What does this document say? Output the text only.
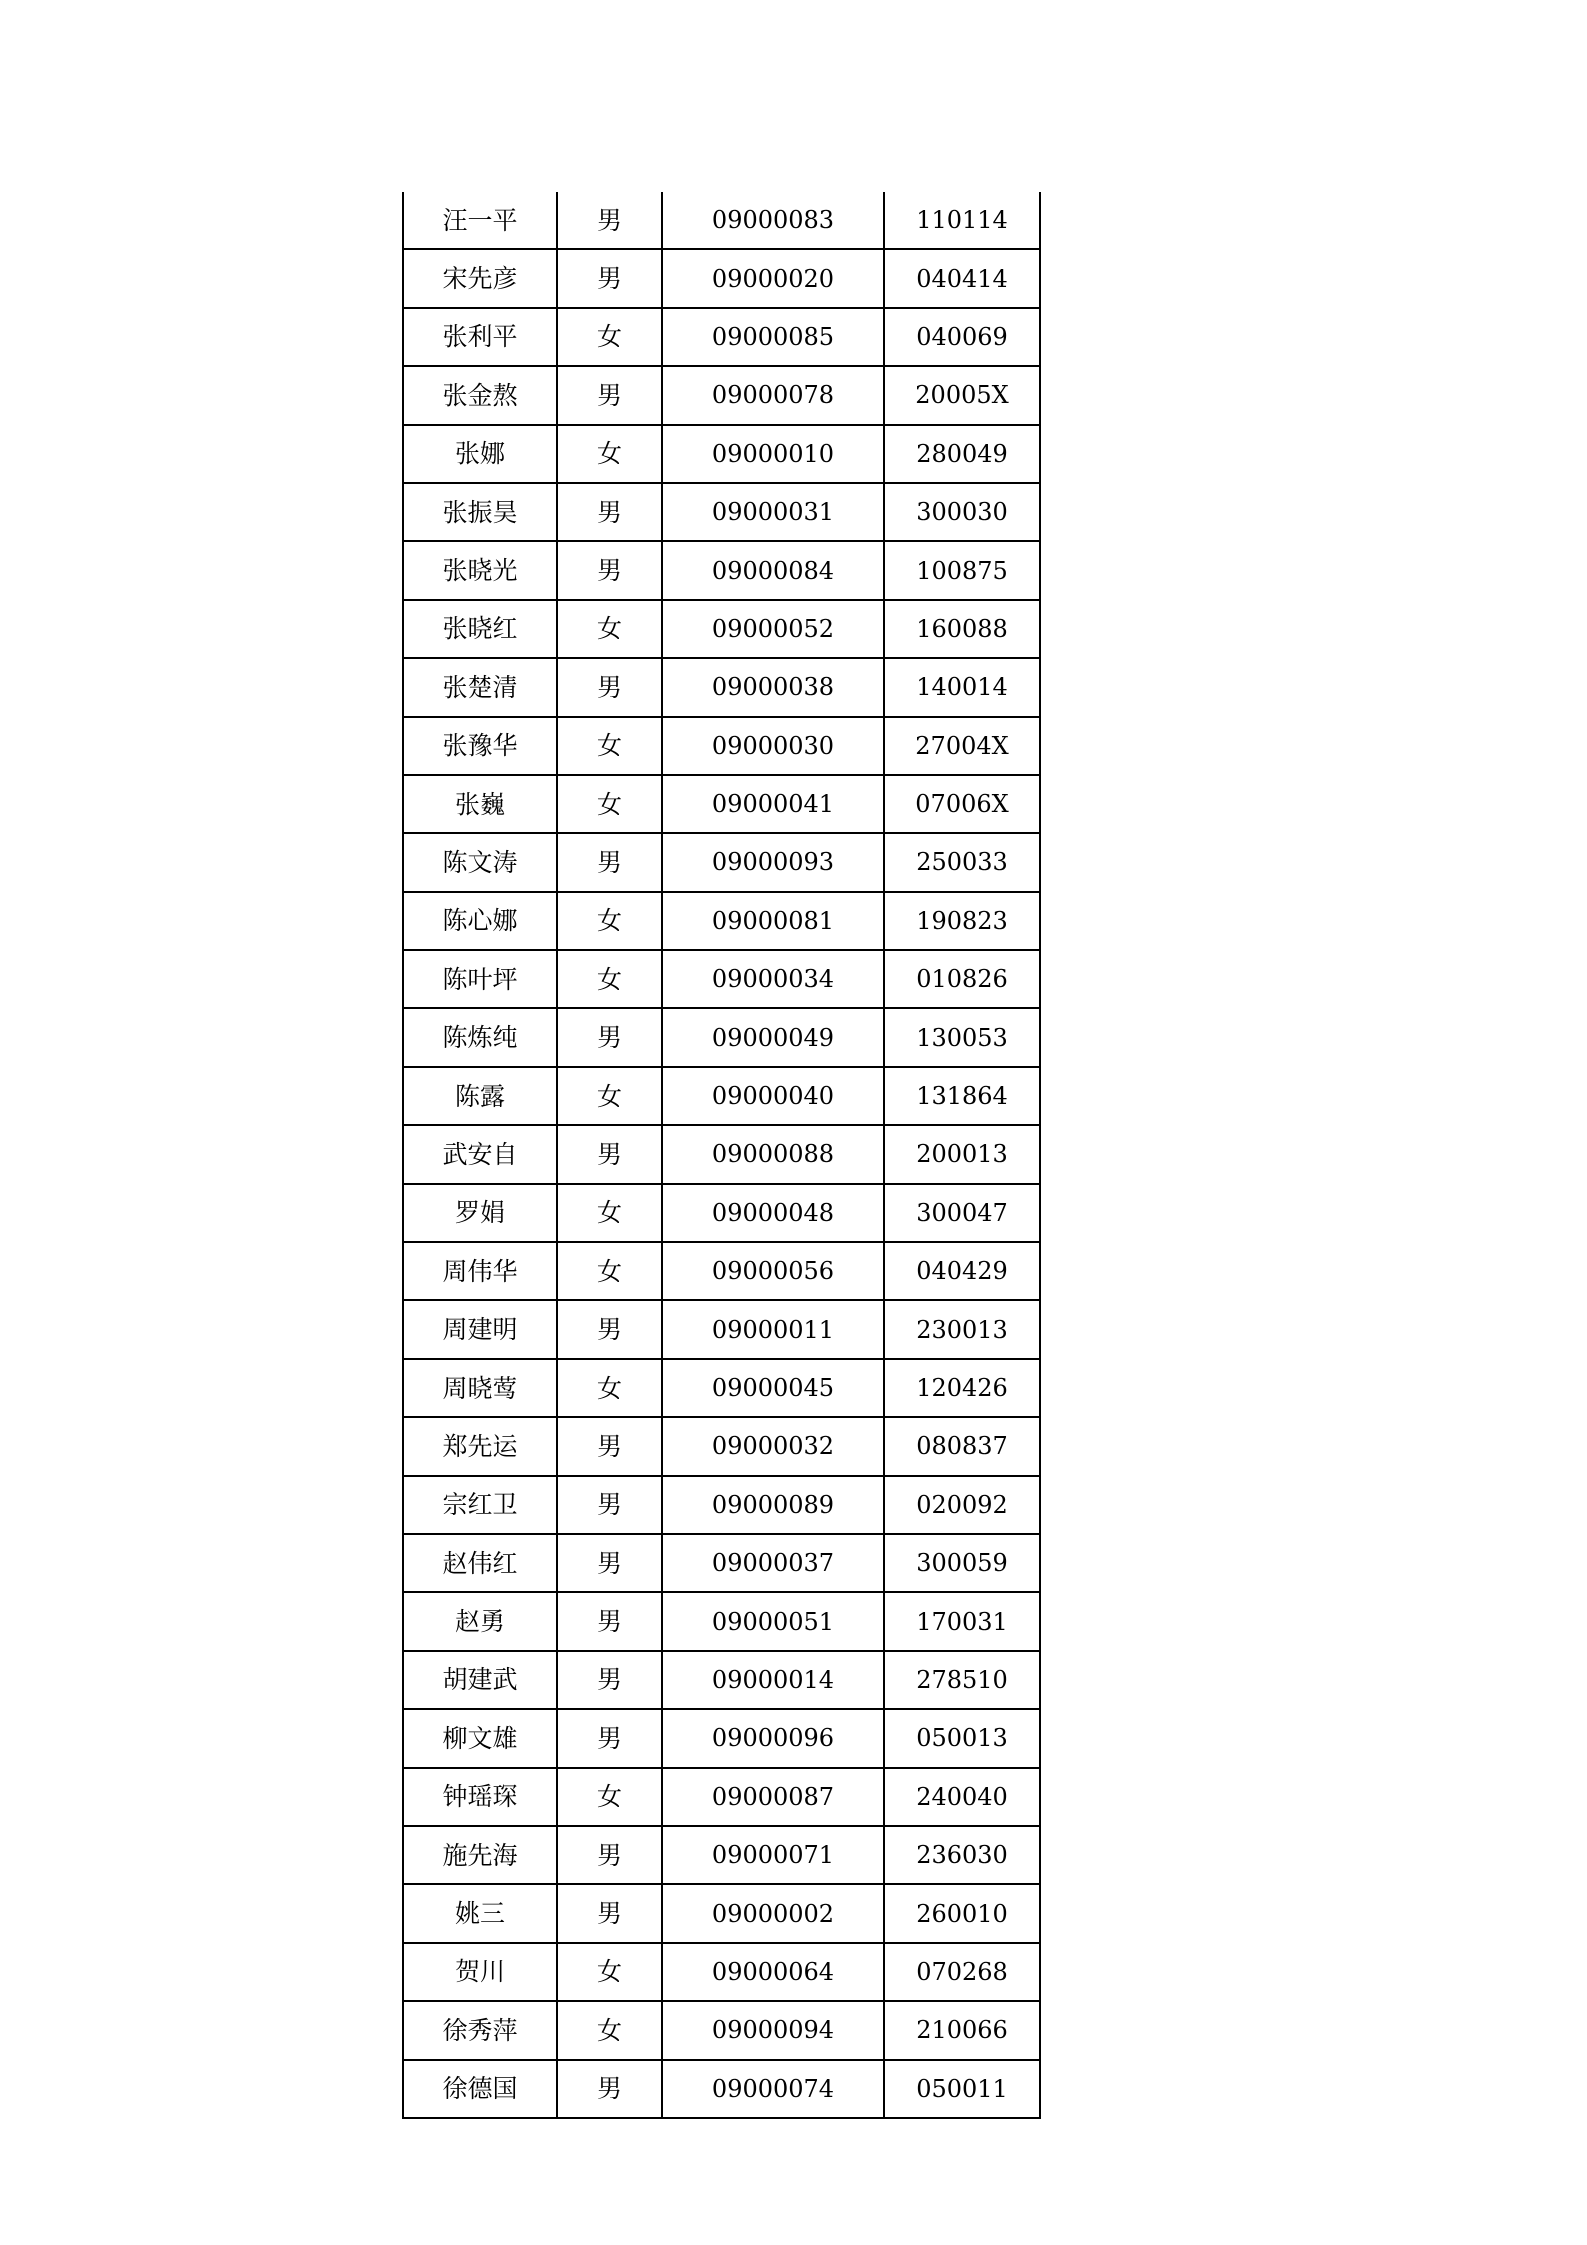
汪一平	男	09000083	110114
宋先彦	男	09000020	040414
张利平	女	09000085	040069
张金熬	男	09000078	20005X
张娜	女	09000010	280049
张振昊	男	09000031	300030
张晓光	男	09000084	100875
张晓红	女	09000052	160088
张楚清	男	09000038	140014
张豫华	女	09000030	27004X
张巍	女	09000041	07006X
陈文涛	男	09000093	250033
陈心娜	女	09000081	190823
陈叶坪	女	09000034	010826
陈炼纯	男	09000049	130053
陈露	女	09000040	131864
武安自	男	09000088	200013
罗娟	女	09000048	300047
周伟华	女	09000056	040429
周建明	男	09000011	230013
周晓莺	女	09000045	120426
郑先运	男	09000032	080837
宗红卫	男	09000089	020092
赵伟红	男	09000037	300059
赵勇	男	09000051	170031
胡建武	男	09000014	278510
柳文雄	男	09000096	050013
钟瑶琛	女	09000087	240040
施先海	男	09000071	236030
姚三	男	09000002	260010
贺川	女	09000064	070268
徐秀萍	女	09000094	210066
徐德国	男	09000074	050011
